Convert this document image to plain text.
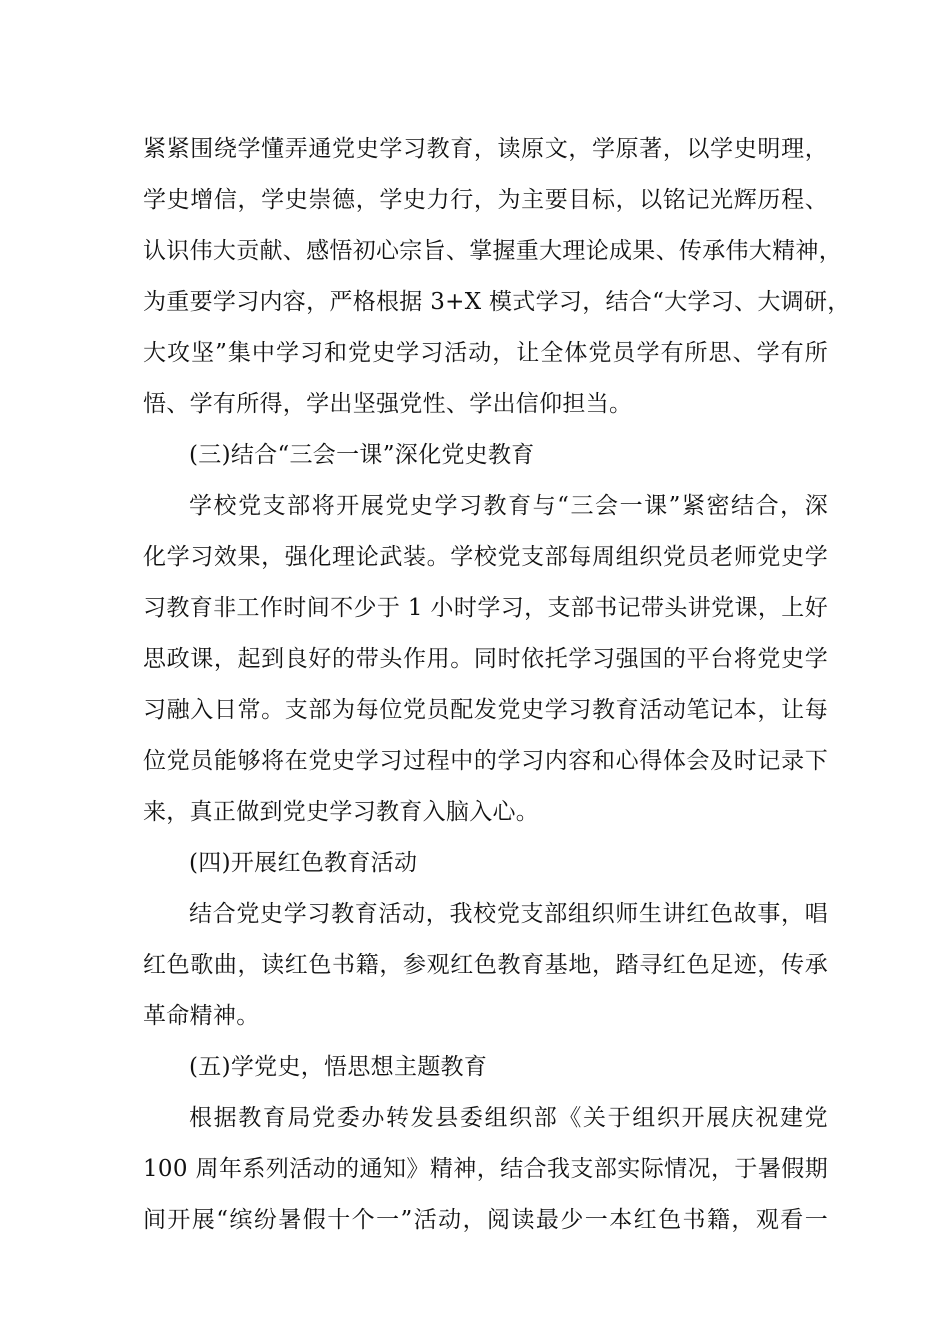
紧紧围绕学懂弄通党史学习教育，读原文，学原著，以学史明理，
学史增信，学史崇德，学史力行，为主要目标，以铭记光辉历程、
认识伟大贡献、感悟初心宗旨、掌握重大理论成果、传承伟大精神，
为重要学习内容，严格根据 3+X 模式学习，结合“大学习、大调研，
大攻坚”集中学习和党史学习活动，让全体党员学有所思、学有所
悟、学有所得，学出坚强党性、学出信仰担当。
(三)结合“三会一课”深化党史教育
学校党支部将开展党史学习教育与“三会一课”紧密结合，深
化学习效果，强化理论武装。学校党支部每周组织党员老师党史学
习教育非工作时间不少于 1 小时学习，支部书记带头讲党课，上好
思政课，起到良好的带头作用。同时依托学习强国的平台将党史学
习融入日常。支部为每位党员配发党史学习教育活动笔记本，让每
位党员能够将在党史学习过程中的学习内容和心得体会及时记录下
来，真正做到党史学习教育入脑入心。
(四)开展红色教育活动
结合党史学习教育活动，我校党支部组织师生讲红色故事，唱
红色歌曲，读红色书籍，参观红色教育基地，踏寻红色足迹，传承
革命精神。
(五)学党史，悟思想主题教育
根据教育局党委办转发县委组织部《关于组织开展庆祝建党
100 周年系列活动的通知》精神，结合我支部实际情况，于暑假期
间开展“缤纷暑假十个一”活动，阅读最少一本红色书籍，观看一
